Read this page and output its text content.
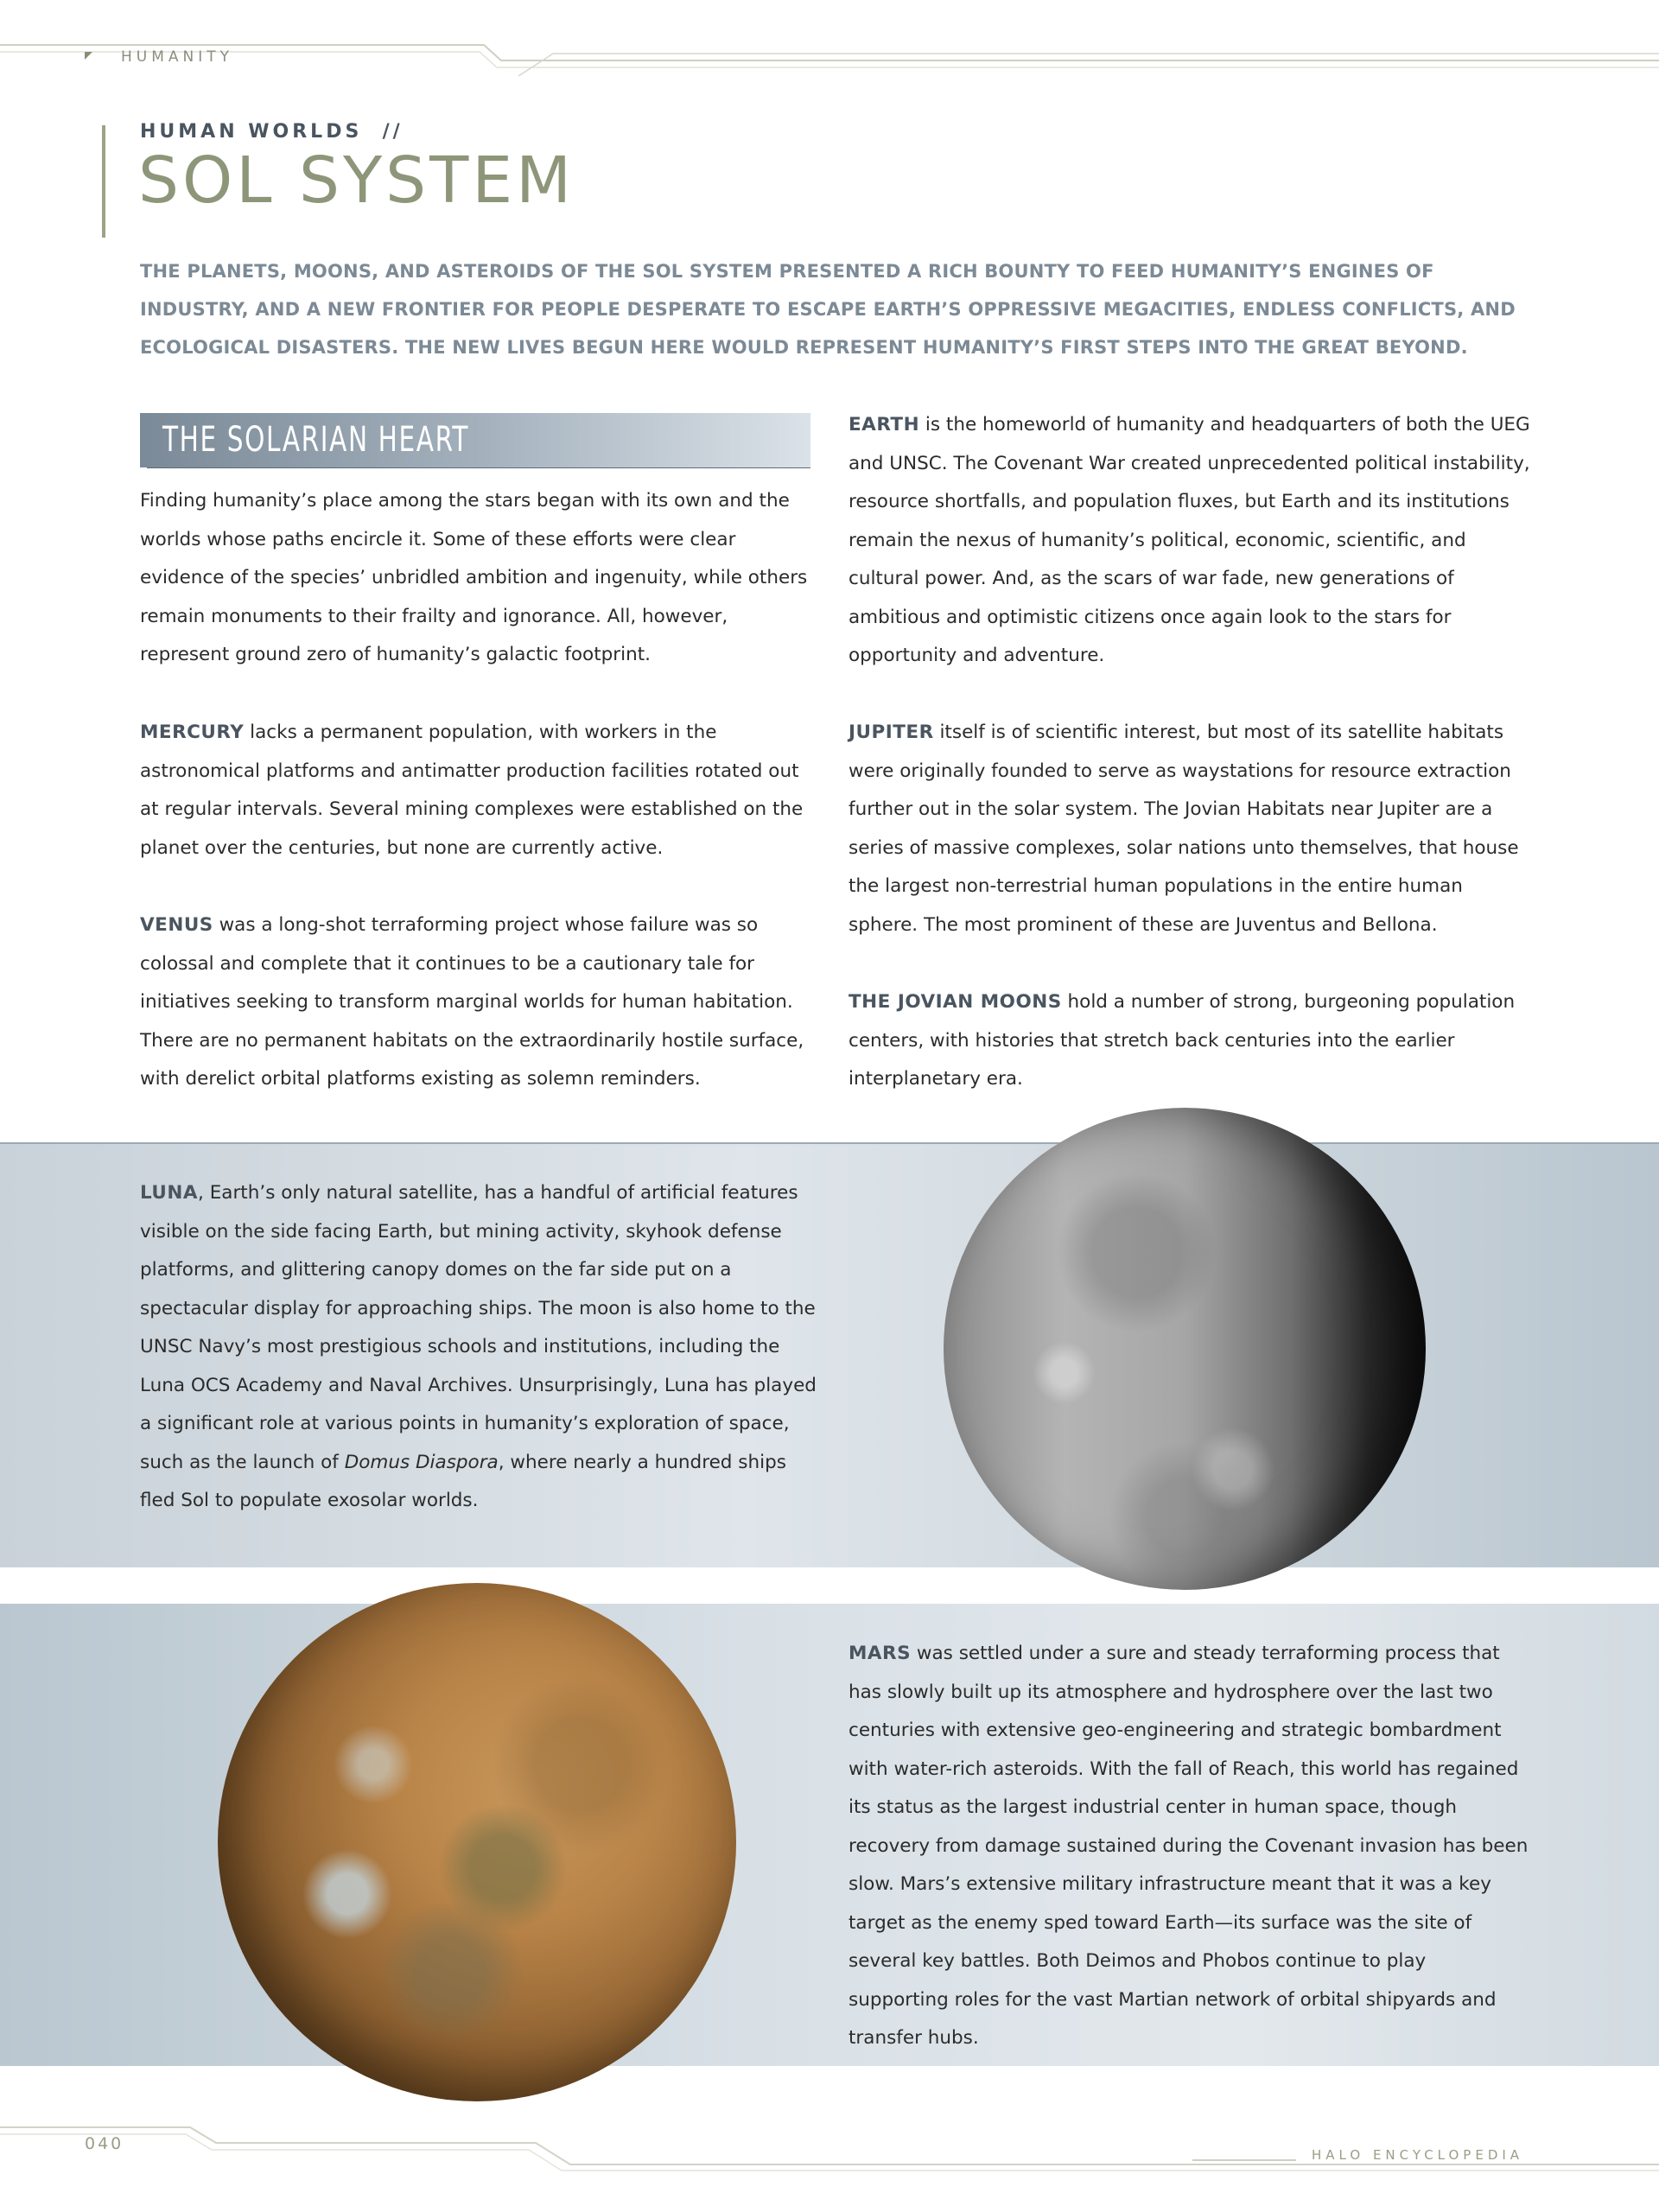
HUMANITY
HUMAN WORLDS  //
SOL SYSTEM
THE PLANETS, MOONS, AND ASTEROIDS OF THE SOL SYSTEM PRESENTED A RICH BOUNTY TO FEED HUMANITY’S ENGINES OF INDUSTRY, AND A NEW FRONTIER FOR PEOPLE DESPERATE TO ESCAPE EARTH’S OPPRESSIVE MEGACITIES, ENDLESS CONFLICTS, AND ECOLOGICAL DISASTERS. THE NEW LIVES BEGUN HERE WOULD REPRESENT HUMANITY’S FIRST STEPS INTO THE GREAT BEYOND.
THE SOLARIAN HEART

Finding humanity’s place among the stars began with its own and the worlds whose paths encircle it. Some of these efforts were clear evidence of the species’ unbridled ambition and ingenuity, while others remain monuments to their frailty and ignorance. All, however, represent ground zero of humanity’s galactic footprint.

MERCURY lacks a permanent population, with workers in the astronomical platforms and antimatter production facilities rotated out at regular intervals. Several mining complexes were established on the planet over the centuries, but none are currently active.

VENUS was a long-shot terraforming project whose failure was so colossal and complete that it continues to be a cautionary tale for initiatives seeking to transform marginal worlds for human habitation. There are no permanent habitats on the extraordinarily hostile surface, with derelict orbital platforms existing as solemn reminders.

EARTH is the homeworld of humanity and headquarters of both the UEG and UNSC. The Covenant War created unprecedented political instability, resource shortfalls, and population fluxes, but Earth and its institutions remain the nexus of humanity’s political, economic, scientific, and cultural power. And, as the scars of war fade, new generations of ambitious and optimistic citizens once again look to the stars for opportunity and adventure.

JUPITER itself is of scientific interest, but most of its satellite habitats were originally founded to serve as waystations for resource extraction further out in the solar system. The Jovian Habitats near Jupiter are a series of massive complexes, solar nations unto themselves, that house the largest non-terrestrial human populations in the entire human sphere. The most prominent of these are Juventus and Bellona.

THE JOVIAN MOONS hold a number of strong, burgeoning population centers, with histories that stretch back centuries into the earlier interplanetary era.

LUNA, Earth’s only natural satellite, has a handful of artificial features visible on the side facing Earth, but mining activity, skyhook defense platforms, and glittering canopy domes on the far side put on a spectacular display for approaching ships. The moon is also home to the UNSC Navy’s most prestigious schools and institutions, including the Luna OCS Academy and Naval Archives. Unsurprisingly, Luna has played a significant role at various points in humanity’s exploration of space, such as the launch of Domus Diaspora, where nearly a hundred ships fled Sol to populate exosolar worlds.

MARS was settled under a sure and steady terraforming process that has slowly built up its atmosphere and hydrosphere over the last two centuries with extensive geo-engineering and strategic bombardment with water-rich asteroids. With the fall of Reach, this world has regained its status as the largest industrial center in human space, though recovery from damage sustained during the Covenant invasion has been slow. Mars’s extensive military infrastructure meant that it was a key target as the enemy sped toward Earth—its surface was the site of several key battles. Both Deimos and Phobos continue to play supporting roles for the vast Martian network of orbital shipyards and transfer hubs.

040
HALO ENCYCLOPEDIA
